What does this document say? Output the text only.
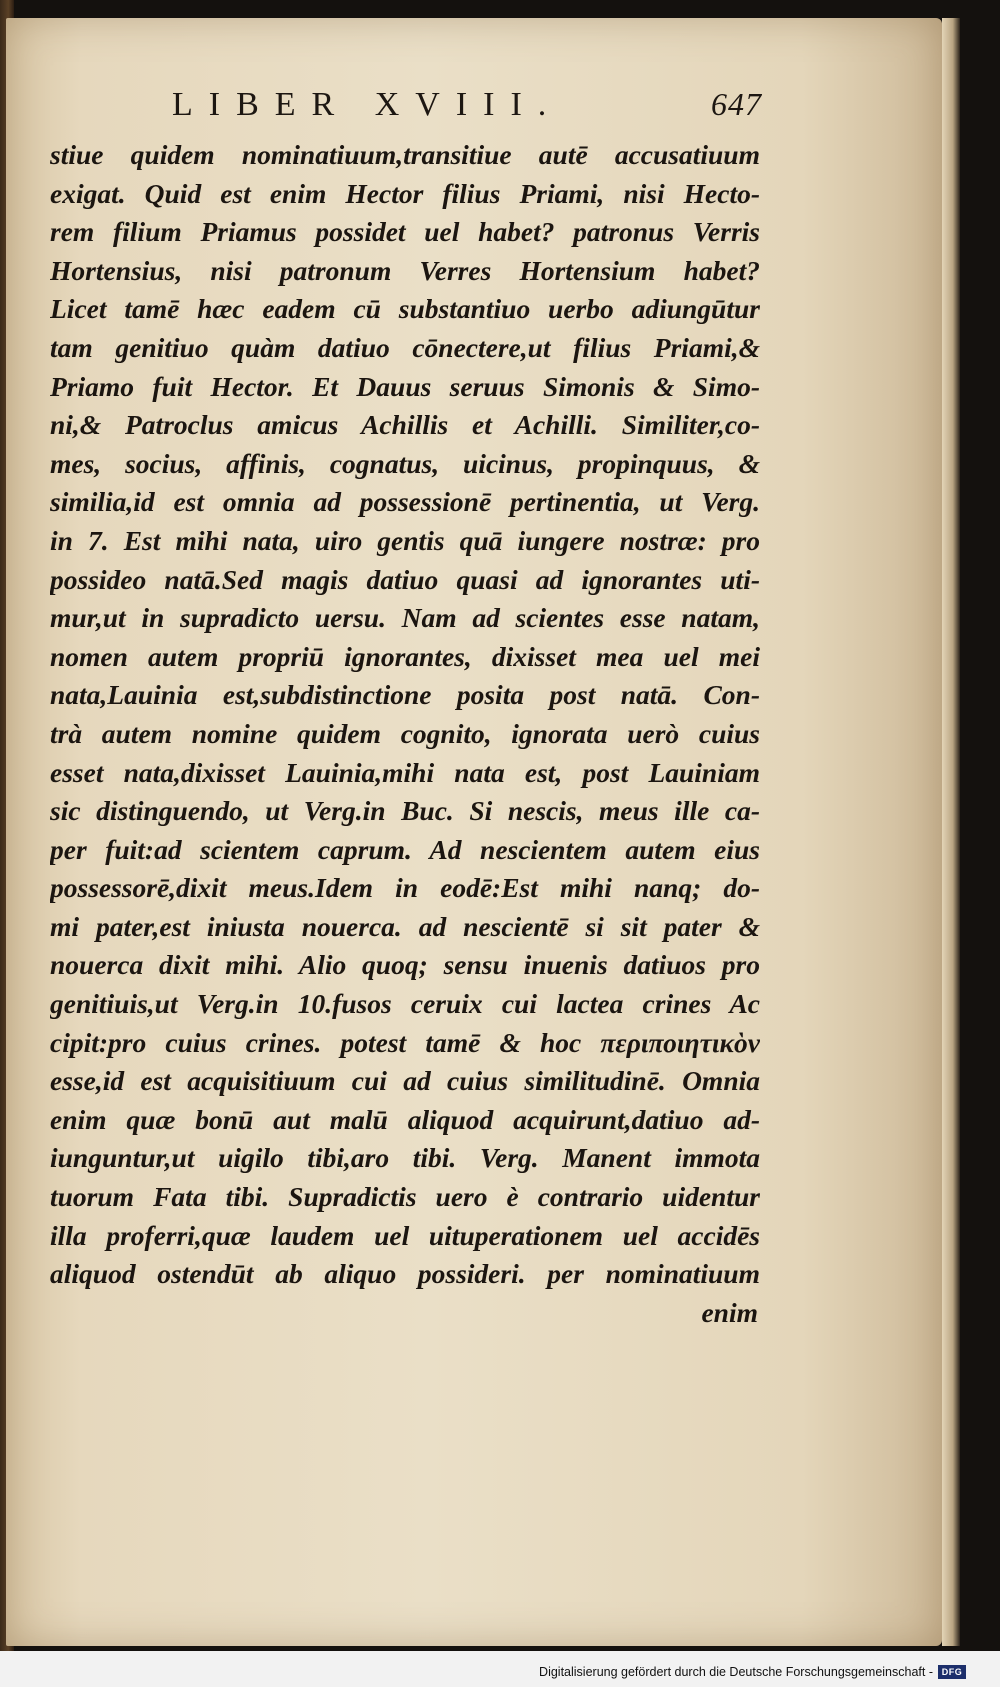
LIBER XVIII.	647
stiue quidem nominatiuum,transitiue autē accusatiuum
exigat. Quid est enim Hector filius Priami, nisi Hecto-
rem filium Priamus possidet uel habet? patronus Verris
Hortensius, nisi patronum Verres Hortensium habet?
Licet tamē hæc eadem cū substantiuo uerbo adiungūtur
tam genitiuo quàm datiuo cōnectere,ut filius Priami,&
Priamo fuit Hector. Et Dauus seruus Simonis & Simo-
ni,& Patroclus amicus Achillis et Achilli. Similiter,co-
mes, socius, affinis, cognatus, uicinus, propinquus, &
similia,id est omnia ad possessionē pertinentia, ut Verg.
in 7. Est mihi nata, uiro gentis quā iungere nostræ: pro
possideo natā.Sed magis datiuo quasi ad ignorantes uti-
mur,ut in supradicto uersu. Nam ad scientes esse natam,
nomen autem propriū ignorantes, dixisset mea uel mei
nata,Lauinia est,subdistinctione posita post natā. Con-
trà autem nomine quidem cognito, ignorata uerò cuius
esset nata,dixisset Lauinia,mihi nata est, post Lauiniam
sic distinguendo, ut Verg.in Buc. Si nescis, meus ille ca-
per fuit:ad scientem caprum. Ad nescientem autem eius
possessorē,dixit meus.Idem in eodē:Est mihi nanq; do-
mi pater,est iniusta nouerca. ad nescientē si sit pater &
nouerca dixit mihi. Alio quoq; sensu inuenis datiuos pro
genitiuis,ut Verg.in 10.fusos ceruix cui lactea crines Ac
cipit:pro cuius crines. potest tamē & hoc περιποιητικὸν
esse,id est acquisitiuum cui ad cuius similitudinē. Omnia
enim quæ bonū aut malū aliquod acquirunt,datiuo ad-
iunguntur,ut uigilo tibi,aro tibi. Verg. Manent immota
tuorum Fata tibi. Supradictis uero è contrario uidentur
illa proferri,quæ laudem uel uituperationem uel accidēs
aliquod ostendūt ab aliquo possideri. per nominatiuum
enim
Digitalisierung gefördert durch die Deutsche Forschungsgemeinschaft - DFG
